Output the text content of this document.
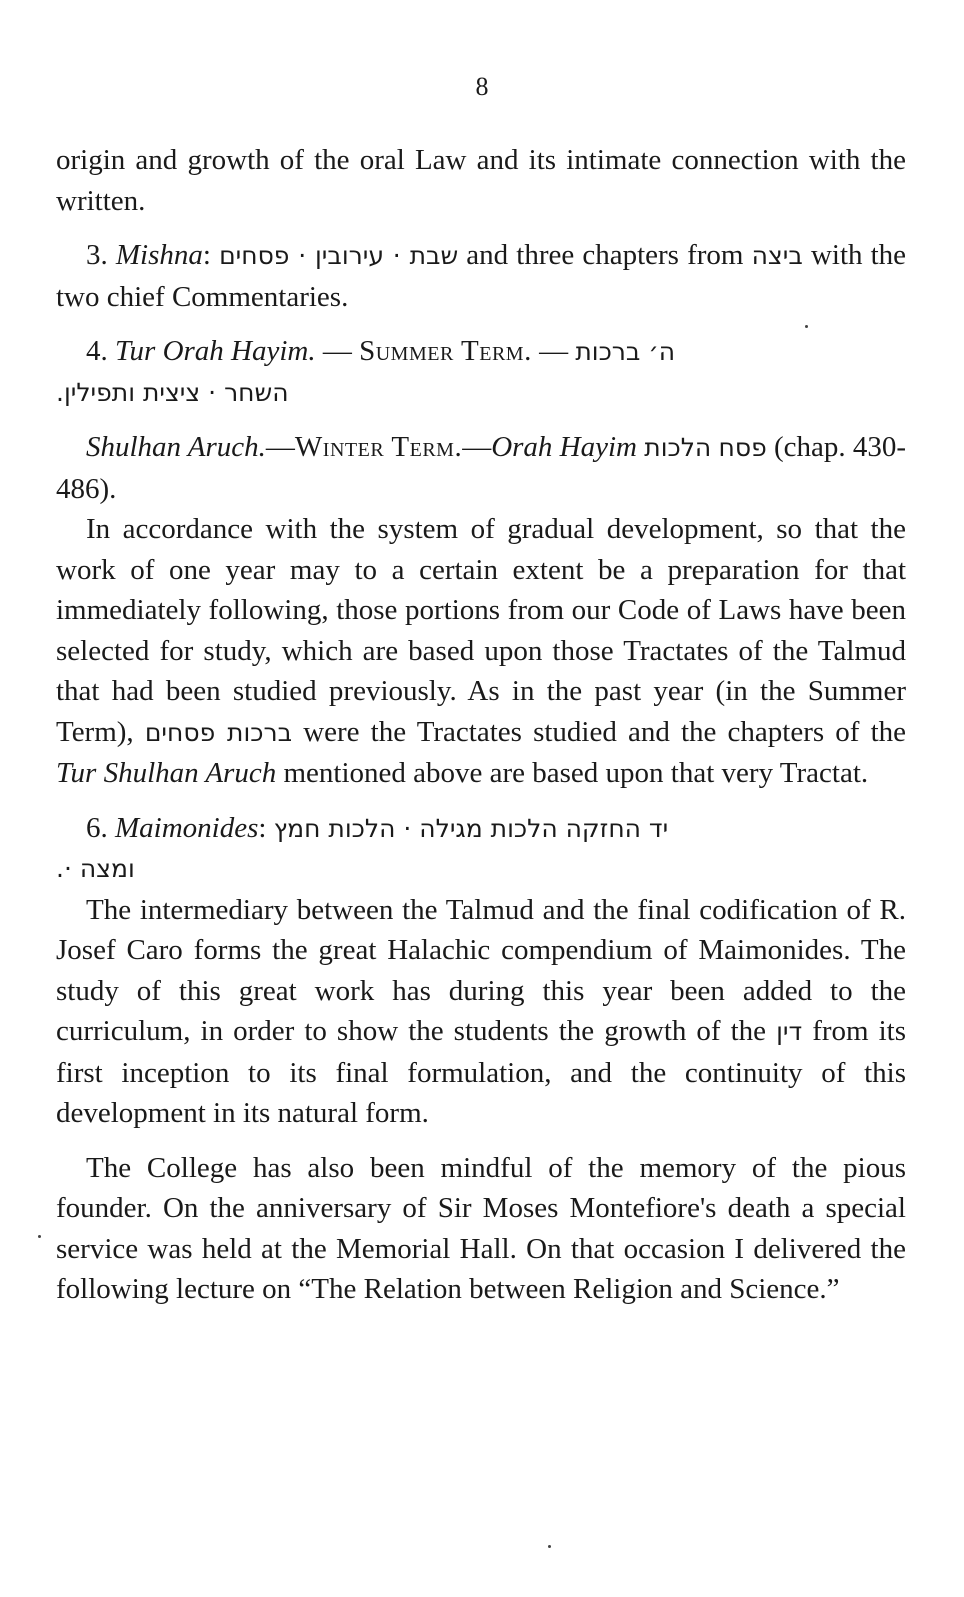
8

origin and growth of the oral Law and its intimate connection with the written.

3. Mishna: שבת · עירובין · פסחים and three chapters from ביצה with the two chief Commentaries.

4. Tur Orah Hayim. — Summer Term. — ה׳ ברכות
השחר · ציצית ותפילין.

Shulhan Aruch.—Winter Term.—Orah Hayim הלכות פסח (chap. 430-486).

In accordance with the system of gradual development, so that the work of one year may to a certain extent be a preparation for that immediately following, those portions from our Code of Laws have been selected for study, which are based upon those Tractates of the Talmud that had been studied previously. As in the past year (in the Summer Term), ברכות פסחים were the Tractates studied and the chapters of the Tur Shulhan Aruch mentioned above are based upon that very Tractat.

6. Maimonides: יד החזקה הלכות מגילה · הלכות חמץ
ומצה ·.

The intermediary between the Talmud and the final codification of R. Josef Caro forms the great Halachic compendium of Maimonides. The study of this great work has during this year been added to the curriculum, in order to show the students the growth of the דין from its first inception to its final formulation, and the continuity of this development in its natural form.

The College has also been mindful of the memory of the pious founder. On the anniversary of Sir Moses Montefiore's death a special service was held at the Memorial Hall. On that occasion I delivered the following lecture on “The Relation between Religion and Science.”
